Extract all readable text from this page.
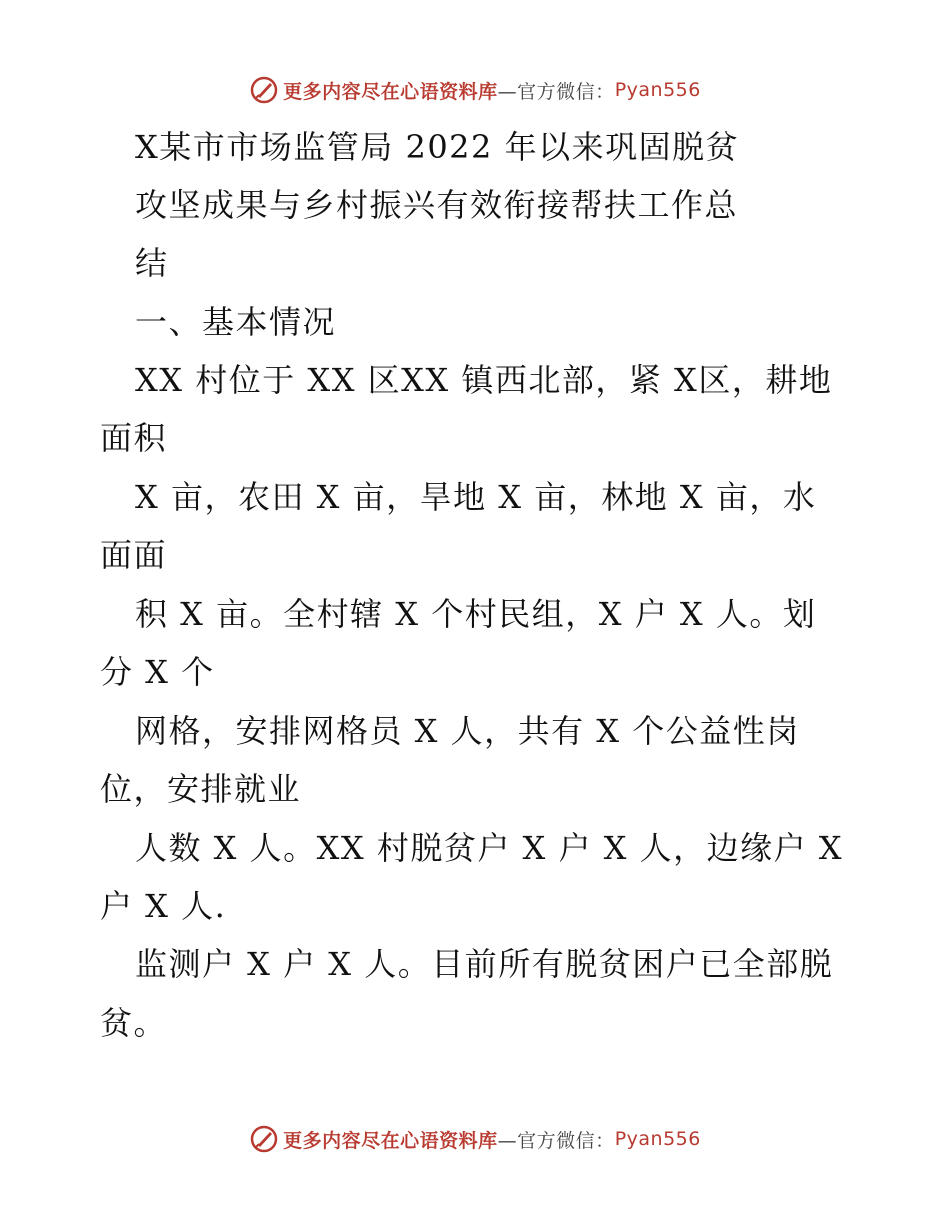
更多内容尽在心语资料库 —官方微信： Pyan556
X某市市场监管局 2022 年以来巩固脱贫
攻坚成果与乡村振兴有效衔接帮扶工作总
结
一、基本情况
XX 村位于 XX 区XX 镇西北部，紧 X区，耕地
面积
X 亩，农田 X 亩，旱地 X 亩，林地 X 亩，水
面面
积 X 亩。全村辖 X 个村民组，X 户 X 人。划
分 X 个
网格，安排网格员 X 人，共有 X 个公益性岗
位，安排就业
人数 X 人。XX 村脱贫户 X 户 X 人，边缘户 X
户 X 人.
监测户 X 户 X 人。目前所有脱贫困户已全部脱
贫。
更多内容尽在心语资料库 —官方微信： Pyan556
